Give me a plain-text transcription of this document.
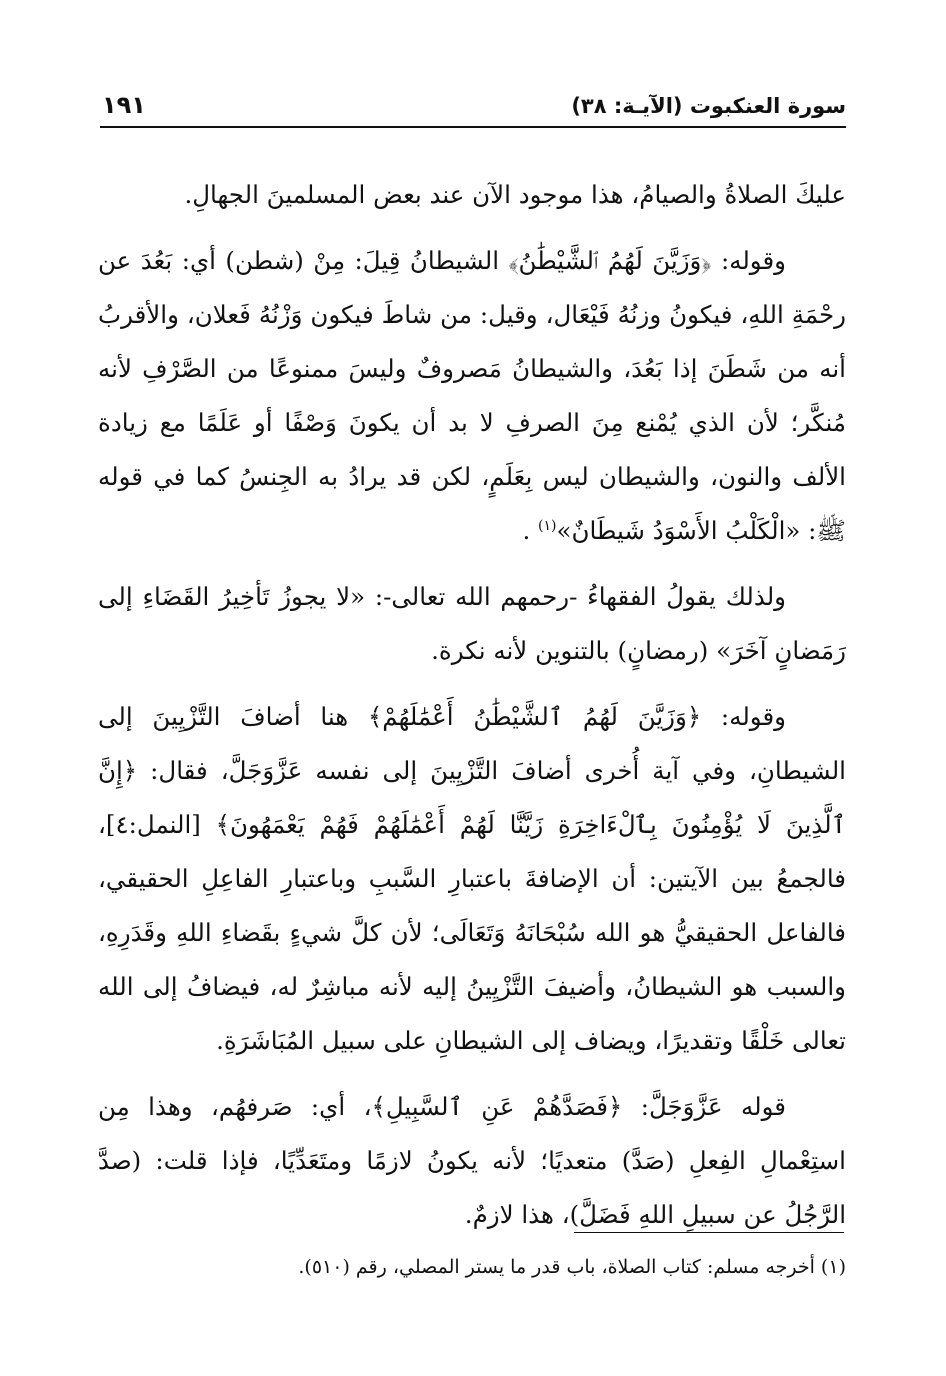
سورة العنكبوت (الآيـة: ٣٨)
١٩١

عليكَ الصلاةُ والصيامُ، هذا موجود الآن عند بعض المسلمينَ الجهالِ.

وقوله: ﴿وَزَيَّنَ لَهُمُ ٱلشَّيْطَٰنُ﴾ الشيطانُ قِيلَ: مِنْ (شطن) أي: بَعُدَ عن رحْمَةِ اللهِ، فيكونُ وزنُهُ فَيْعَال، وقيل: من شاطَ فيكون وَزْنُهُ فَعلان، والأقربُ أنه من شَطَنَ إذا بَعُدَ، والشيطانُ مَصروفٌ وليسَ ممنوعًا من الصَّرْفِ لأنه مُنكَّر؛ لأن الذي يُمْنع مِنَ الصرفِ لا بد أن يكونَ وَصْفًا أو عَلَمًا مع زيادة الألف والنون، والشيطان ليس بِعَلَمٍ، لكن قد يرادُ به الجِنسُ كما في قوله ﷺ: «الْكَلْبُ الأَسْوَدُ شَيطَانٌ»$^{(١)}$ .

ولذلك يقولُ الفقهاءُ -رحمهم الله تعالى-: «لا يجوزُ تَأخِيرُ القَضَاءِ إلى رَمَضانٍ آخَرَ» (رمضانٍ) بالتنوين لأنه نكرة.

وقوله: ﴿وَزَيَّنَ لَهُمُ ٱلشَّيْطَٰنُ أَعْمَٰلَهُمْ﴾ هنا أضافَ التَّزْيِينَ إلى الشيطانِ، وفي آية أُخرى أضافَ التَّزْيِينَ إلى نفسه عَزَّوَجَلَّ، فقال: ﴿إِنَّ ٱلَّذِينَ لَا يُؤْمِنُونَ بِٱلْءَاخِرَةِ زَيَّنَّا لَهُمْ أَعْمَٰلَهُمْ فَهُمْ يَعْمَهُونَ﴾ [النمل:٤]، فالجمعُ بين الآيتين: أن الإضافةَ باعتبارِ السَّببِ وباعتبارِ الفاعِلِ الحقيقي، فالفاعل الحقيقيُّ هو الله سُبْحَانَهُ وَتَعَالَى؛ لأن كلَّ شيءٍ بقَضاءِ اللهِ وقَدَرِهِ، والسبب هو الشيطانُ، وأضيفَ التَّزْيِينُ إليه لأنه مباشِرٌ له، فيضافُ إلى الله تعالى خَلْقًا وتقديرًا، ويضاف إلى الشيطانِ على سبيل المُبَاشَرَةِ.

قوله عَزَّوَجَلَّ: ﴿فَصَدَّهُمْ عَنِ ٱلسَّبِيلِ﴾، أي: صَرفهُم، وهذا مِن استِعْمالِ الفِعلِ (صَدَّ) متعديًا؛ لأنه يكونُ لازمًا ومتَعَدِّيًا، فإذا قلت: (صدَّ الرَّجُلُ عن سبيلِ اللهِ فَضَلَّ)، هذا لازمٌ.

(١) أخرجه مسلم: كتاب الصلاة، باب قدر ما يستر المصلي، رقم (٥١٠).
